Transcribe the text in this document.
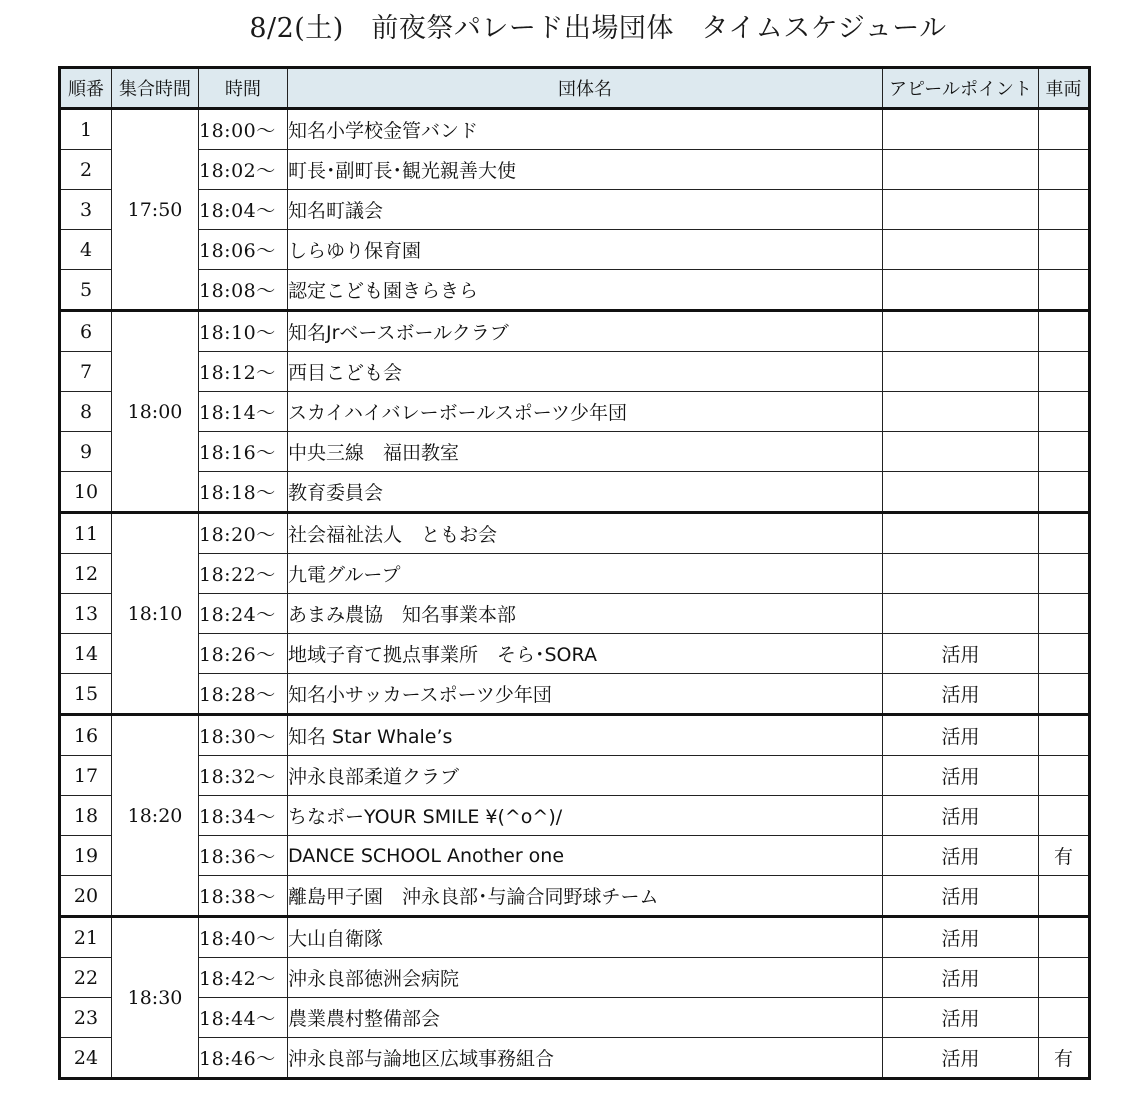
8/2(土)　前夜祭パレード出場団体　タイムスケジュール
順番	集合時間	時間	団体名	アピールポイント	車両
1	17:50	18:00～	知名小学校金管バンド		
2		18:02～	町長･副町長･観光親善大使		
3		18:04～	知名町議会		
4		18:06～	しらゆり保育園		
5		18:08～	認定こども園きらきら		
6	18:00	18:10～	知名Jrベースボールクラブ		
7		18:12～	西目こども会		
8		18:14～	スカイハイバレーボールスポーツ少年団		
9		18:16～	中央三線　福田教室		
10		18:18～	教育委員会		
11	18:10	18:20～	社会福祉法人　ともお会		
12		18:22～	九電グループ		
13		18:24～	あまみ農協　知名事業本部		
14		18:26～	地域子育て拠点事業所　そら･SORA	活用	
15		18:28～	知名小サッカースポーツ少年団	活用	
16	18:20	18:30～	知名 Star Whale’s	活用	
17		18:32～	沖永良部柔道クラブ	活用	
18		18:34～	ちなボーYOUR SMILE ¥(^o^)/	活用	
19		18:36～	DANCE SCHOOL Another one	活用	有
20		18:38～	離島甲子園　沖永良部･与論合同野球チーム	活用	
21	18:30	18:40～	大山自衛隊	活用	
22		18:42～	沖永良部徳洲会病院	活用	
23		18:44～	農業農村整備部会	活用	
24		18:46～	沖永良部与論地区広域事務組合	活用	有
